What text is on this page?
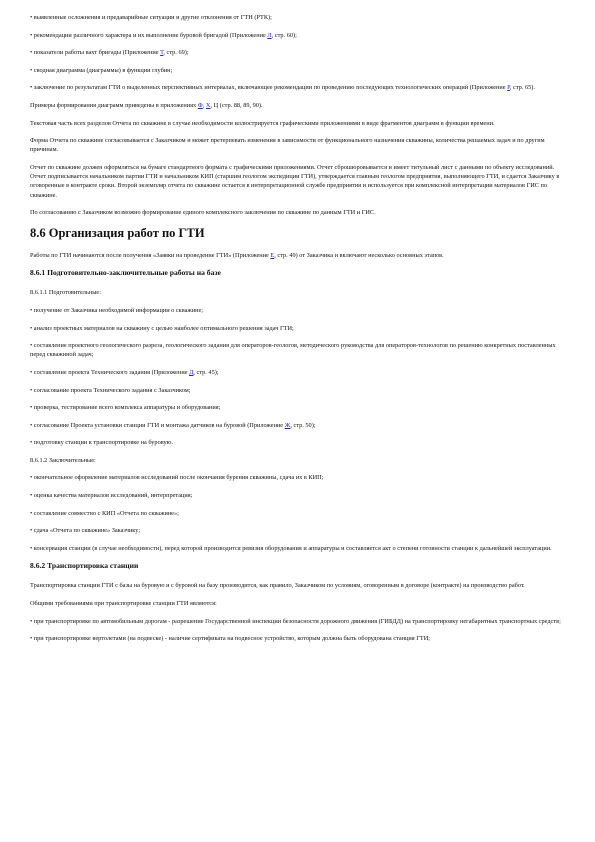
• выявленные осложнения и предаварийные ситуации и другие отклонения от ГТН (РТК);

• рекомендации различного характера и их выполнение буровой бригадой (Приложение Л, стр. 60);

• показатели работы вахт бригады (Приложение Т, стр. 69);

• сводная диаграмма (диаграммы) в функции глубин;

• заключение по результатам ГТИ о выделенных перспективных интервалах, включающее рекомендации по проведению последующих технологических операций (Приложение Р, стр. 65).

Примеры формирования диаграмм приведены в приложениях Ф, Х, Ц (стр. 88, 89, 90).

Текстовая часть всех разделов Отчета по скважине в случае необходимости иллюстрируется графическими приложениями в виде фрагментов диаграмм в функции времени.

Форма Отчета по скважине согласовывается с Заказчиком и может претерпевать изменения в зависимости от функционального назначения скважины, количества решаемых задач и по другим причинам.

Отчет по скважине должен оформляться на бумаге стандартного формата с графическими приложениями. Отчет сброшюровывается и имеет титульный лист с данными по объекту исследований. Отчет подписывается начальником партии ГТИ и начальником КИП (старшим геологом экспедиции ГТИ), утверждается главным геологом предприятия, выполняющего ГТИ, и сдается Заказчику в оговоренные в контракте сроки. Второй экземпляр отчета по скважине остается в интерпретационной службе предприятия и используется при комплексной интерпретации материалов ГИС по скважине.

По согласованию с Заказчиком возможно формирование единого комплексного заключения по скважине по данным ГТИ и ГИС.

8.6 Организация работ по ГТИ

Работы по ГТИ начинаются после получения «Заявки на проведение ГТИ» (Приложение Е, стр. 49) от Заказчика и включают несколько основных этапов.

8.6.1 Подготовительно-заключительные работы на базе

8.6.1.1 Подготовительные:

• получение от Заказчика необходимой информации о скважине;

• анализ проектных материалов на скважину с целью наиболее оптимального решения задач ГТИ;

• составление проектного геологического разреза, геологического задания для операторов-геологов, методического руководства для операторов-технологов по решению конкретных поставленных перед скважиной задач;

• составление проекта Технического задания (Приложение Д, стр. 45);

• согласование проекта Технического задания с Заказчиком;

• проверка, тестирование всего комплекса аппаратуры и оборудования;

• согласование Проекта установки станции ГТИ и монтажа датчиков на буровой (Приложение Ж, стр. 50);

• подготовку станции к транспортировке на буровую.

8.6.1.2 Заключительные:

• окончательное оформление материалов исследований после окончания бурения скважины, сдача их в КИП;

• оценка качества материалов исследований, интерпретация;

• составление совместно с КИП «Отчета по скважине»;

• сдача «Отчета по скважине» Заказчику;

• консервация станции (в случае необходимости), перед которой производится ревизия оборудования и аппаратуры и составляется акт о степени готовности станции к дальнейшей эксплуатации.

8.6.2 Транспортировка станции

Транспортировка станции ГТИ с базы на буровую и с буровой на базу производится, как правило, Заказчиком по условиям, оговоренным в договоре (контракте) на производство работ.

Общими требованиями при транспортировке станции ГТИ являются:

• при транспортировке по автомобильным дорогам - разрешение Государственной инспекции безопасности дорожного движения (ГИБДД) на транспортировку негабаритных транспортных средств;

• при транспортировке вертолетами (на подвеске) - наличие сертификата на подвесное устройство, которым должна быть оборудована станция ГТИ;
